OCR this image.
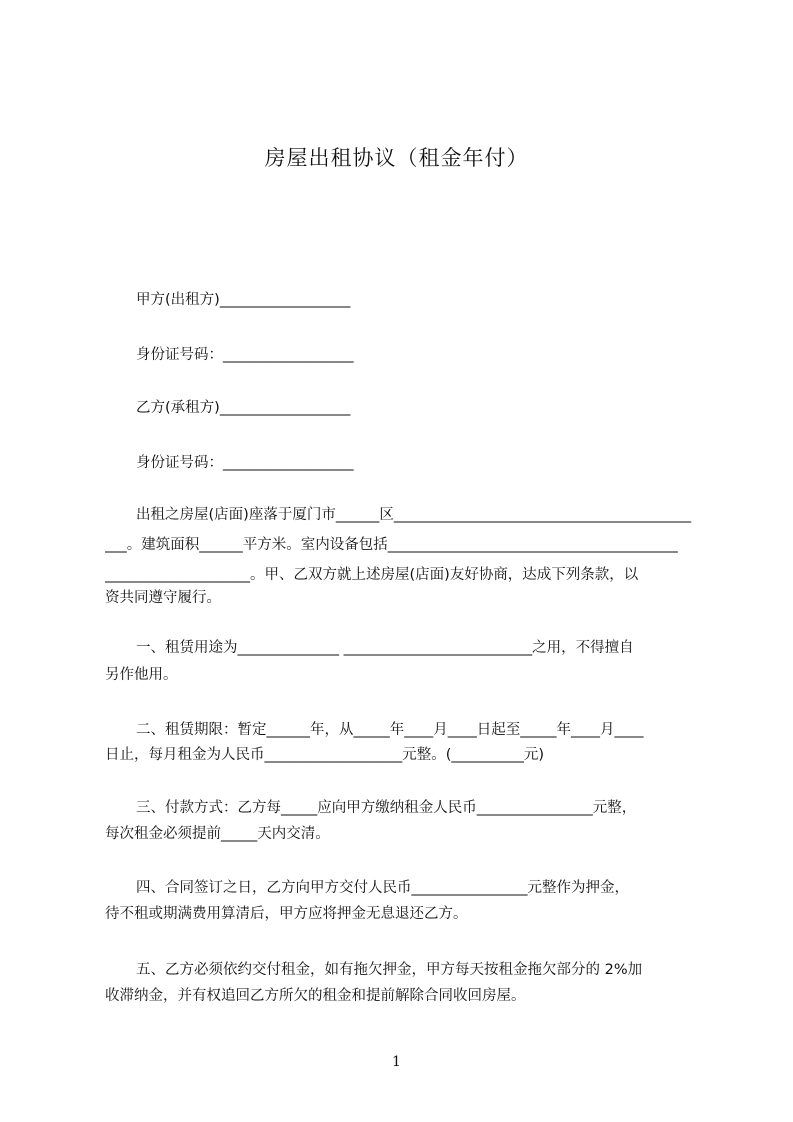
房屋出租协议（租金年付）
甲方(出租方)__________________
身份证号码：__________________
乙方(承租方)__________________
身份证号码：__________________
出租之房屋(店面)座落于厦门市______区_________________________________________
___。建筑面积______平方米。室内设备包括________________________________________
____________________。甲、乙双方就上述房屋(店面)友好协商，达成下列条款，以
资共同遵守履行。
一、租赁用途为______________ __________________________之用，不得擅自
另作他用。
二、租赁期限：暂定______年，从_____年____月____日起至_____年____月____
日止，每月租金为人民币___________________元整。(__________元)
三、付款方式：乙方每_____应向甲方缴纳租金人民币________________元整，
每次租金必须提前_____天内交清。
四、合同签订之日，乙方向甲方交付人民币________________元整作为押金，
待不租或期满费用算清后，甲方应将押金无息退还乙方。
五、乙方必须依约交付租金，如有拖欠押金，甲方每天按租金拖欠部分的 2%加
收滞纳金，并有权追回乙方所欠的租金和提前解除合同收回房屋。
1
